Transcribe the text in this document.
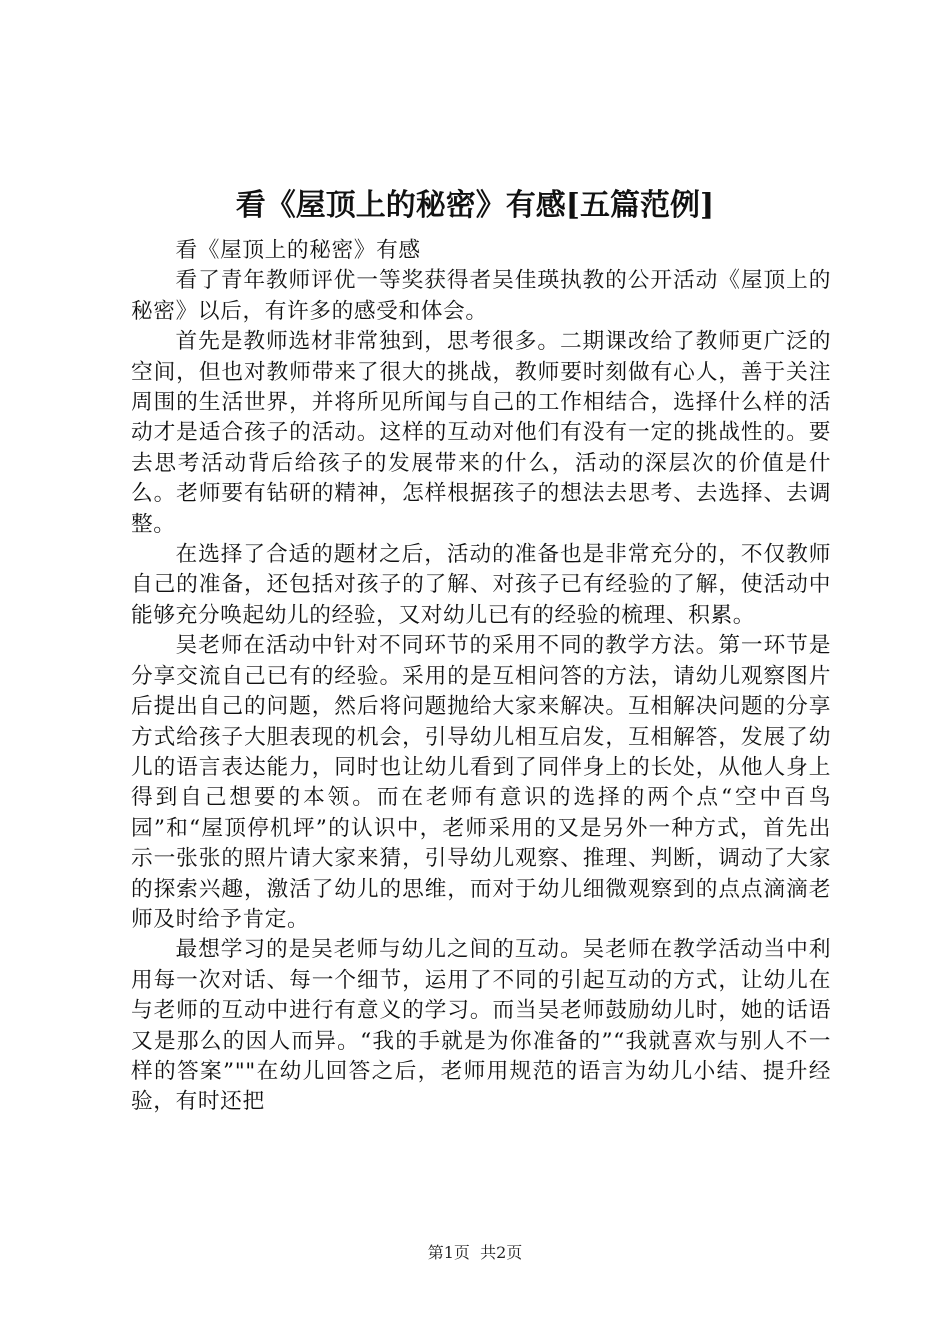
看《屋顶上的秘密》有感[五篇范例]

看《屋顶上的秘密》有感

看了青年教师评优一等奖获得者吴佳瑛执教的公开活动《屋顶上的秘密》以后，有许多的感受和体会。

首先是教师选材非常独到，思考很多。二期课改给了教师更广泛的空间，但也对教师带来了很大的挑战，教师要时刻做有心人，善于关注周围的生活世界，并将所见所闻与自己的工作相结合，选择什么样的活动才是适合孩子的活动。这样的互动对他们有没有一定的挑战性的。要去思考活动背后给孩子的发展带来的什么，活动的深层次的价值是什么。老师要有钻研的精神，怎样根据孩子的想法去思考、去选择、去调整。

在选择了合适的题材之后，活动的准备也是非常充分的，不仅教师自己的准备，还包括对孩子的了解、对孩子已有经验的了解，使活动中能够充分唤起幼儿的经验，又对幼儿已有的经验的梳理、积累。

吴老师在活动中针对不同环节的采用不同的教学方法。第一环节是分享交流自己已有的经验。采用的是互相问答的方法，请幼儿观察图片后提出自己的问题，然后将问题抛给大家来解决。互相解决问题的分享方式给孩子大胆表现的机会，引导幼儿相互启发，互相解答，发展了幼儿的语言表达能力，同时也让幼儿看到了同伴身上的长处，从他人身上得到自己想要的本领。而在老师有意识的选择的两个点“空中百鸟园”和“屋顶停机坪”的认识中，老师采用的又是另外一种方式，首先出示一张张的照片请大家来猜，引导幼儿观察、推理、判断，调动了大家的探索兴趣，激活了幼儿的思维，而对于幼儿细微观察到的点点滴滴老师及时给予肯定。

最想学习的是吴老师与幼儿之间的互动。吴老师在教学活动当中利用每一次对话、每一个细节，运用了不同的引起互动的方式，让幼儿在与老师的互动中进行有意义的学习。而当吴老师鼓励幼儿时，她的话语又是那么的因人而异。“我的手就是为你准备的”“我就喜欢与别人不一样的答案”""在幼儿回答之后，老师用规范的语言为幼儿小结、提升经验，有时还把

第1页  共2页
